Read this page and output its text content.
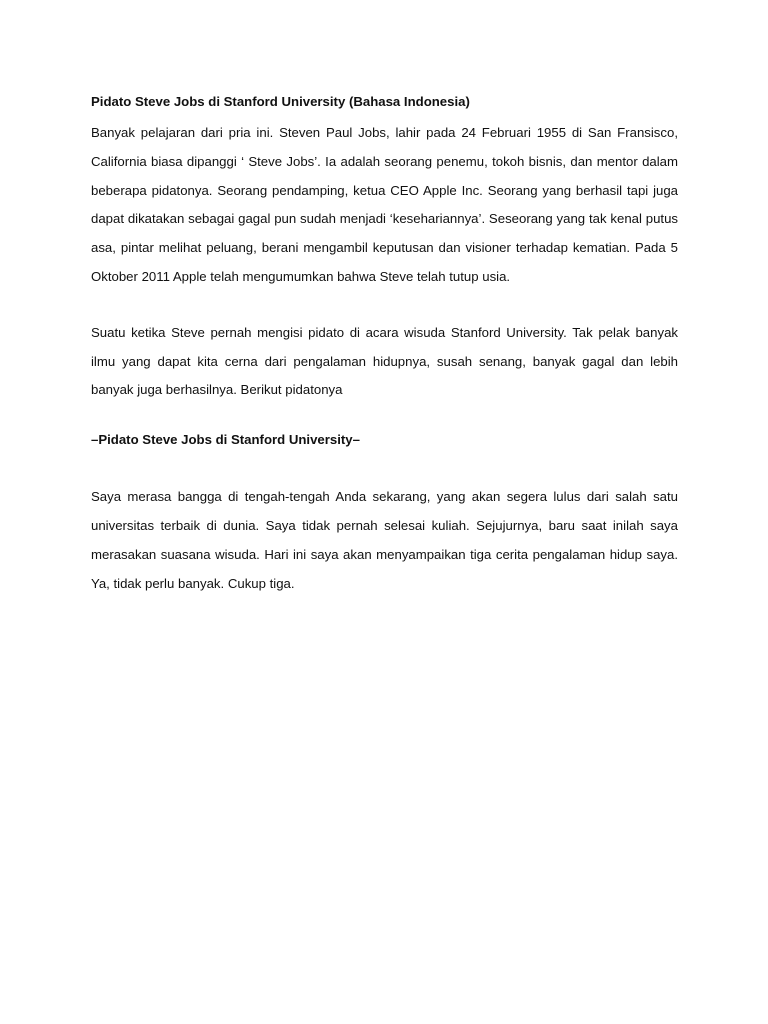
Pidato Steve Jobs di Stanford University (Bahasa Indonesia)

Banyak pelajaran dari pria ini. Steven Paul Jobs, lahir pada 24 Februari 1955 di San Fransisco, California biasa dipanggi ‘ Steve Jobs’. Ia adalah seorang penemu, tokoh bisnis, dan mentor dalam beberapa pidatonya. Seorang pendamping, ketua CEO Apple Inc. Seorang yang berhasil tapi juga dapat dikatakan sebagai gagal pun sudah menjadi ‘kesehariannya’. Seseorang yang tak kenal putus asa, pintar melihat peluang, berani mengambil keputusan dan visioner terhadap kematian. Pada 5 Oktober 2011 Apple telah mengumumkan bahwa Steve telah tutup usia.

Suatu ketika Steve pernah mengisi pidato di acara wisuda Stanford University. Tak pelak banyak ilmu yang dapat kita cerna dari pengalaman hidupnya, susah senang, banyak gagal dan lebih banyak juga berhasilnya. Berikut pidatonya

–Pidato Steve Jobs di Stanford University–

Saya merasa bangga di tengah-tengah Anda sekarang, yang akan segera lulus dari salah satu universitas terbaik di dunia. Saya tidak pernah selesai kuliah. Sejujurnya, baru saat inilah saya merasakan suasana wisuda. Hari ini saya akan menyampaikan tiga cerita pengalaman hidup saya. Ya, tidak perlu banyak. Cukup tiga.
